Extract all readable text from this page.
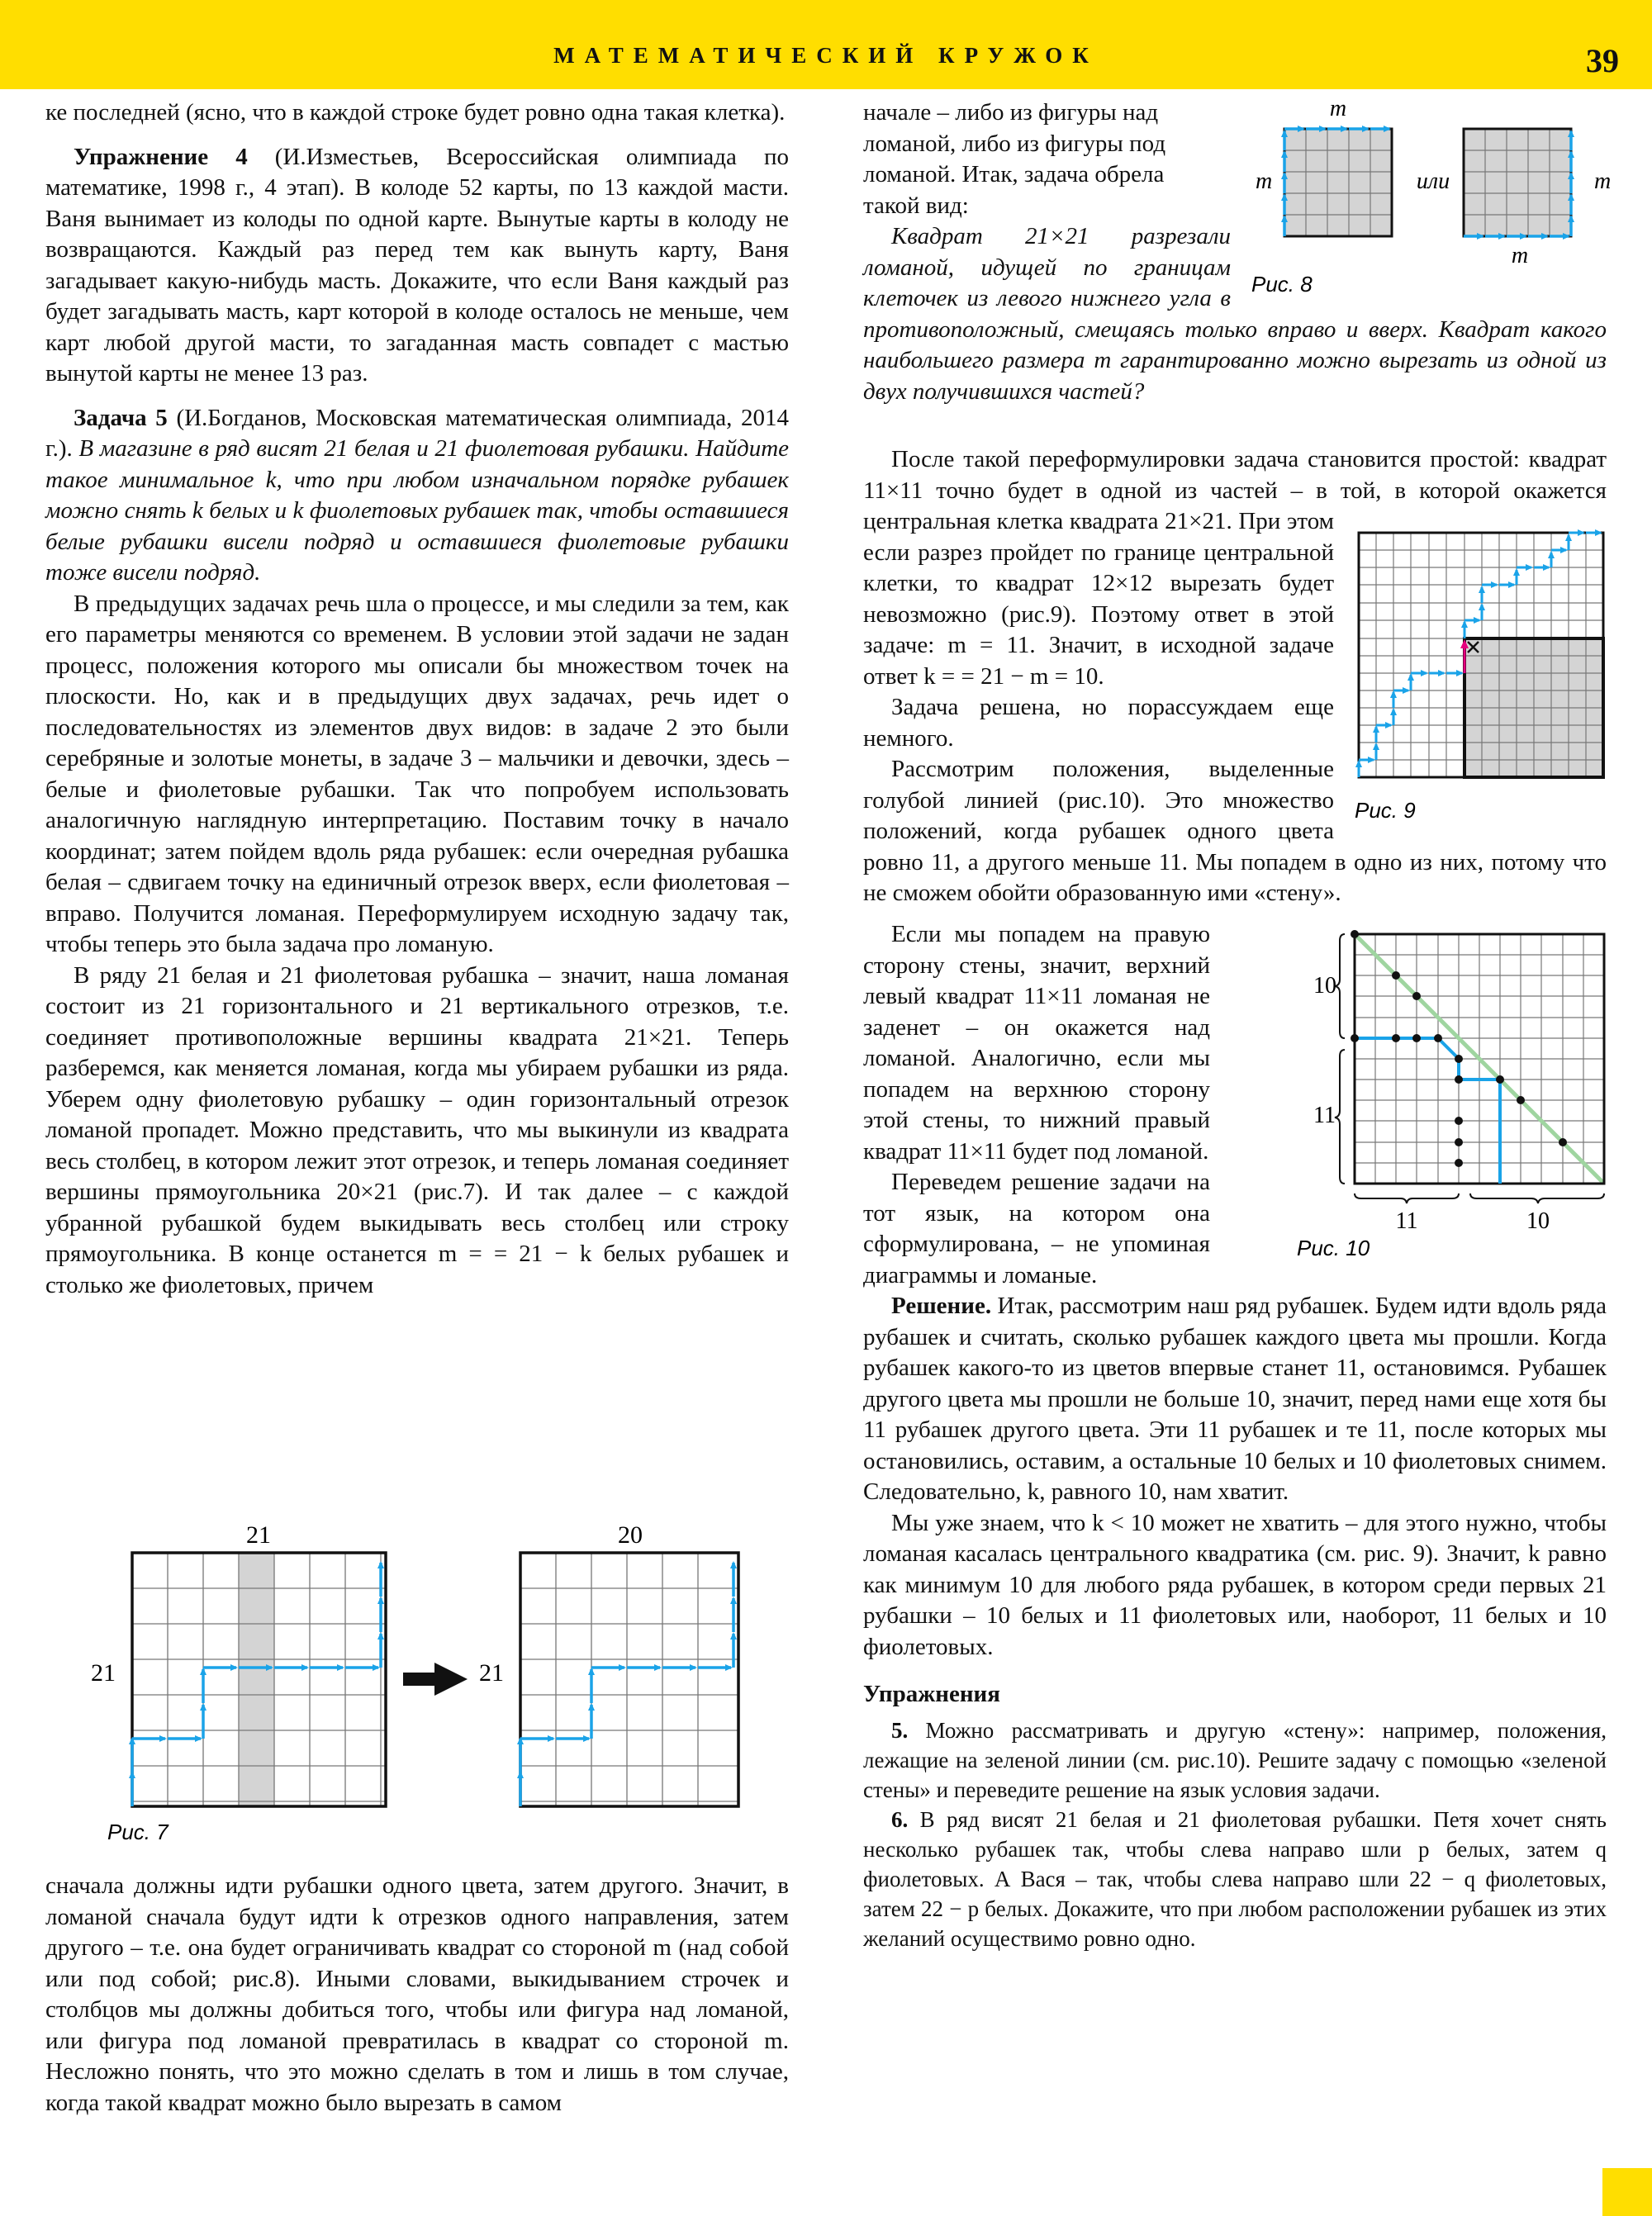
МАТЕМАТИЧЕСКИЙ КРУЖОК	39

ке последней (ясно, что в каждой строке будет ровно одна такая клетка).

Упражнение 4 (И.Изместьев, Всероссийская олимпиада по математике, 1998 г., 4 этап). В колоде 52 карты, по 13 каждой масти. Ваня вынимает из колоды по одной карте. Вынутые карты в колоду не возвращаются. Каждый раз перед тем как вынуть карту, Ваня загадывает какую-нибудь масть. Докажите, что если Ваня каждый раз будет загадывать масть, карт которой в колоде осталось не меньше, чем карт любой другой масти, то загаданная масть совпадет с мастью вынутой карты не менее 13 раз.

Задача 5 (И.Богданов, Московская математическая олимпиада, 2014 г.). В магазине в ряд висят 21 белая и 21 фиолетовая рубашки. Найдите такое минимальное k, что при любом изначальном порядке рубашек можно снять k белых и k фиолетовых рубашек так, чтобы оставшиеся белые рубашки висели подряд и оставшиеся фиолетовые рубашки тоже висели подряд.

В предыдущих задачах речь шла о процессе, и мы следили за тем, как его параметры меняются со временем. В условии этой задачи не задан процесс, положения которого мы описали бы множеством точек на плоскости. Но, как и в предыдущих двух задачах, речь идет о последовательностях из элементов двух видов: в задаче 2 это были серебряные и золотые монеты, в задаче 3 – мальчики и девочки, здесь – белые и фиолетовые рубашки. Так что попробуем использовать аналогичную наглядную интерпретацию. Поставим точку в начало координат; затем пойдем вдоль ряда рубашек: если очередная рубашка белая – сдвигаем точку на единичный отрезок вверх, если фиолетовая – вправо. Получится ломаная. Переформулируем исходную задачу так, чтобы теперь это была задача про ломаную.

В ряду 21 белая и 21 фиолетовая рубашка – значит, наша ломаная состоит из 21 горизонтального и 21 вертикального отрезков, т.е. соединяет противоположные вершины квадрата 21×21. Теперь разберемся, как меняется ломаная, когда мы убираем рубашки из ряда. Уберем одну фиолетовую рубашку – один горизонтальный отрезок ломаной пропадет. Можно представить, что мы выкинули из квадрата весь столбец, в котором лежит этот отрезок, и теперь ломаная соединяет вершины прямоугольника 20×21 (рис.7). И так далее – с каждой убранной рубашкой будем выкидывать весь столбец или строку прямоугольника. В конце останется m = = 21 − k белых рубашек и столько же фиолетовых, причем

21
21
20
21
Рис. 7

сначала должны идти рубашки одного цвета, затем другого. Значит, в ломаной сначала будут идти k отрезков одного направления, затем другого – т.е. она будет ограничивать квадрат со стороной m (над собой или под собой; рис.8). Иными словами, выкидыванием строчек и столбцов мы должны добиться того, чтобы или фигура над ломаной, или фигура под ломаной превратилась в квадрат со стороной m. Несложно понять, что это можно сделать в том и лишь в том случае, когда такой квадрат можно было вырезать в самом

m
m	или	m
m
Рис. 8

начале – либо из фигуры над ломаной, либо из фигуры под ломаной. Итак, задача обрела такой вид:

Квадрат 21×21 разрезали ломаной, идущей по границам клеточек из левого нижнего угла в противоположный, смещаясь только вправо и вверх. Квадрат какого наибольшего размера m гарантированно можно вырезать из одной из двух получившихся частей?

После такой переформулировки задача становится простой: квадрат 11×11 точно будет в одной из частей – в той, в которой окажется центральная клетка квадрата 21×21. При этом если разрез пройдет по границе центральной клетки, то квадрат 12×12 вырезать будет невозможно (рис.9). Поэтому ответ в этой задаче: m = 11. Значит, в исходной задаче ответ k = = 21 − m = 10.

Задача решена, но порассуждаем еще немного.

Рассмотрим положения, выделенные голубой линией (рис.10). Это множество положений, когда рубашек одного цвета ровно 11, а другого меньше 11. Мы попадем в одно из них, потому что не сможем обойти образованную ими «стену».

Рис. 9

Если мы попадем на правую сторону стены, значит, верхний левый квадрат 11×11 ломаная не заденет – он окажется над ломаной. Аналогично, если мы попадем на верхнюю сторону этой стены, то нижний правый квадрат 11×11 будет под ломаной.

Переведем решение задачи на тот язык, на котором она сформулирована, – не упоминая диаграммы и ломаные.

Решение. Итак, рассмотрим наш ряд рубашек. Будем идти вдоль ряда рубашек и считать, сколько рубашек каждого цвета мы прошли. Когда рубашек какого-то из цветов впервые станет 11, остановимся. Рубашек другого цвета мы прошли не больше 10, значит, перед нами еще хотя бы 11 рубашек другого цвета. Эти 11 рубашек и те 11, после которых мы остановились, оставим, а остальные 10 белых и 10 фиолетовых снимем. Следовательно, k, равного 10, нам хватит.

Мы уже знаем, что k < 10 может не хватить – для этого нужно, чтобы ломаная касалась центрального квадратика (см. рис. 9). Значит, k равно как минимум 10 для любого ряда рубашек, в котором среди первых 21 рубашки – 10 белых и 11 фиолетовых или, наоборот, 11 белых и 10 фиолетовых.

Упражнения

5. Можно рассматривать и другую «стену»: например, положения, лежащие на зеленой линии (см. рис.10). Решите задачу с помощью «зеленой стены» и переведите решение на язык условия задачи.

6. В ряд висят 21 белая и 21 фиолетовая рубашки. Петя хочет снять несколько рубашек так, чтобы слева направо шли p белых, затем q фиолетовых. А Вася – так, чтобы слева направо шли 22 − q фиолетовых, затем 22 − p белых. Докажите, что при любом расположении рубашек из этих желаний осуществимо ровно одно.

10
11
11	10
Рис. 10
